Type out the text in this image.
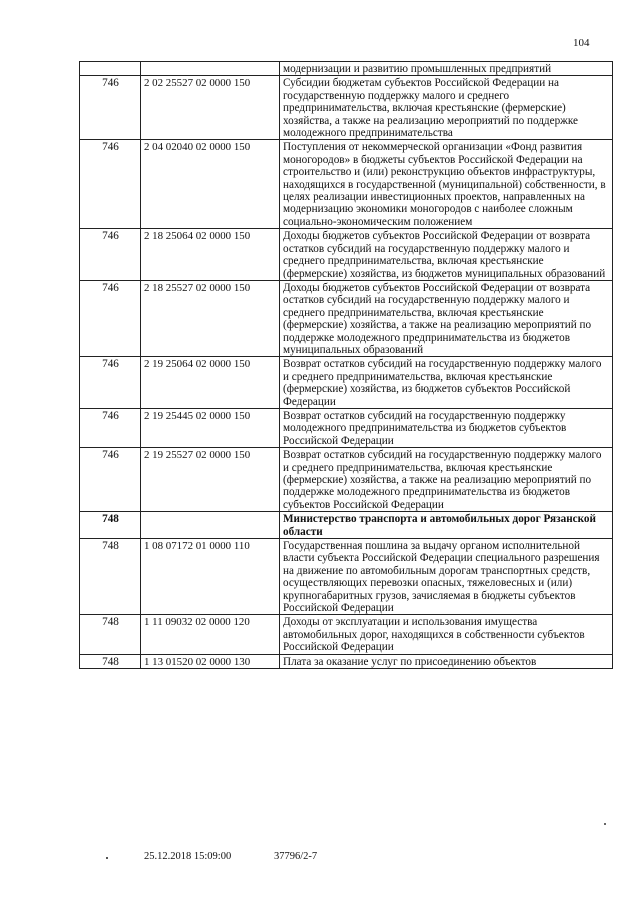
104
		модернизации и развитию промышленных предприятий
746	2 02 25527 02 0000 150	Субсидии бюджетам субъектов Российской Федерации на государственную поддержку малого и среднего предпринимательства, включая крестьянские (фермерские) хозяйства, а также на реализацию мероприятий по поддержке молодежного предпринимательства
746	2 04 02040 02 0000 150	Поступления от некоммерческой организации «Фонд развития моногородов» в бюджеты субъектов Российской Федерации на строительство и (или) реконструкцию объектов инфраструктуры, находящихся в государственной (муниципальной) собственности, в целях реализации инвестиционных проектов, направленных на модернизацию экономики моногородов с наиболее сложным социально-экономическим положением
746	2 18 25064 02 0000 150	Доходы бюджетов субъектов Российской Федерации от возврата остатков субсидий на государственную поддержку малого и среднего предпринимательства, включая крестьянские (фермерские) хозяйства, из бюджетов муниципальных образований
746	2 18 25527 02 0000 150	Доходы бюджетов субъектов Российской Федерации от возврата остатков субсидий на государственную поддержку малого и среднего предпринимательства, включая крестьянские (фермерские) хозяйства, а также на реализацию мероприятий по поддержке молодежного предпринимательства из бюджетов муниципальных образований
746	2 19 25064 02 0000 150	Возврат остатков субсидий на государственную поддержку малого и среднего предпринимательства, включая крестьянские (фермерские) хозяйства, из бюджетов субъектов Российской Федерации
746	2 19 25445 02 0000 150	Возврат остатков субсидий на государственную поддержку молодежного предпринимательства из бюджетов субъектов Российской Федерации
746	2 19 25527 02 0000 150	Возврат остатков субсидий на государственную поддержку малого и среднего предпринимательства, включая крестьянские (фермерские) хозяйства, а также на реализацию мероприятий по поддержке молодежного предпринимательства из бюджетов субъектов Российской Федерации
748		Министерство транспорта и автомобильных дорог Рязанской области
748	1 08 07172 01 0000 110	Государственная пошлина за выдачу органом исполнительной власти субъекта Российской Федерации специального разрешения на движение по автомобильным дорогам транспортных средств, осуществляющих перевозки опасных, тяжеловесных и (или) крупногабаритных грузов, зачисляемая в бюджеты субъектов Российской Федерации
748	1 11 09032 02 0000 120	Доходы от эксплуатации и использования имущества автомобильных дорог, находящихся в собственности субъектов Российской Федерации
748	1 13 01520 02 0000 130	Плата за оказание услуг по присоединению объектов
25.12.2018 15:09:00	37796/2-7
